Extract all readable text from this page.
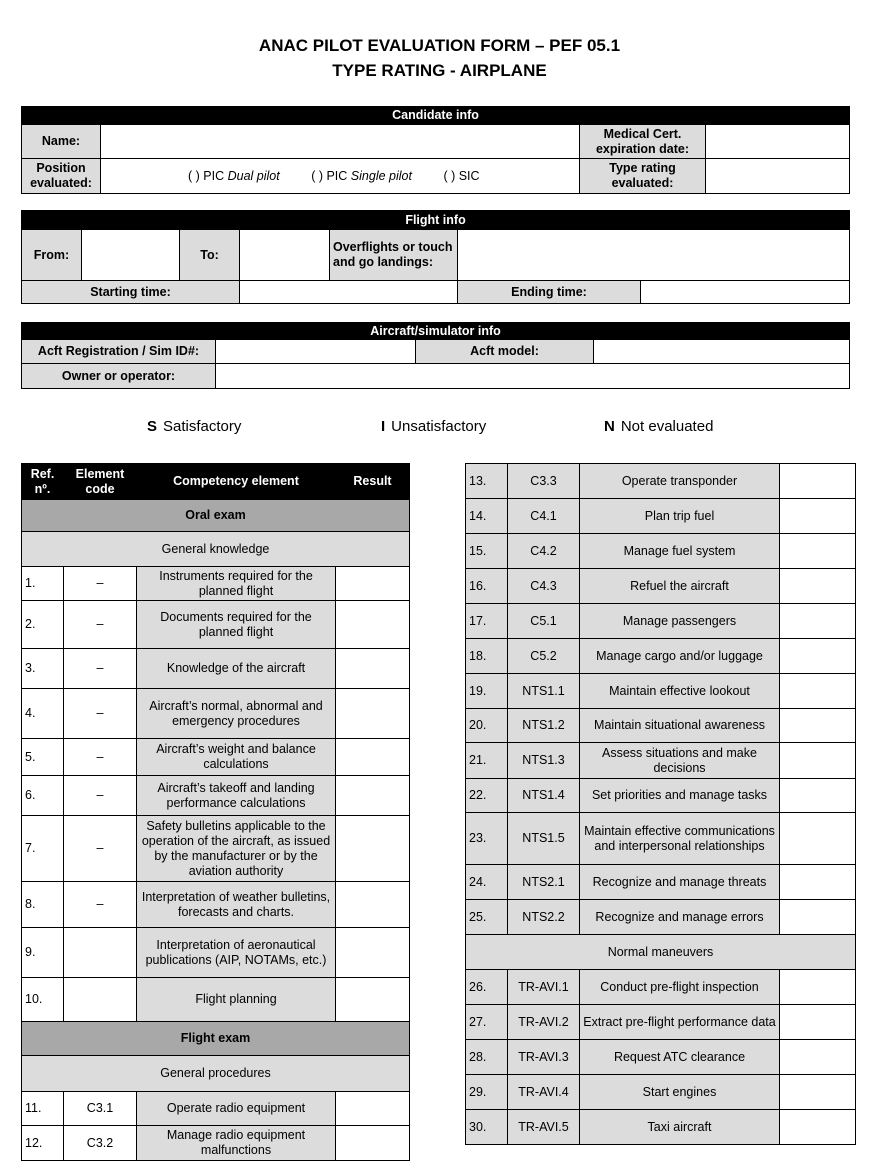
ANAC PILOT EVALUATION FORM – PEF 05.1
TYPE RATING - AIRPLANE
Candidate info			
Name:		Medical Cert. expiration date:	
Position evaluated:	( ) PIC Dual pilot ( ) PIC Single pilot ( ) SIC	Type rating evaluated:	
Flight info						
From:		To:		Overflights or touch and go landings:		
Starting time:					Ending time:	
Aircraft/simulator info			
Acft Registration / Sim ID#:		Acft model:	
Owner or operator:			
S Satisfactory	I Unsatisfactory	N Not evaluated
Ref. nº.	Element code	Competency element	Result
Oral exam			
General knowledge			
1.	–	Instruments required for the planned flight	
2.	–	Documents required for the planned flight	
3.	–	Knowledge of the aircraft	
4.	–	Aircraft’s normal, abnormal and emergency procedures	
5.	–	Aircraft’s weight and balance calculations	
6.	–	Aircraft’s takeoff and landing performance calculations	
7.	–	Safety bulletins applicable to the operation of the aircraft, as issued by the manufacturer or by the aviation authority	
8.	–	Interpretation of weather bulletins, forecasts and charts.	
9.		Interpretation of aeronautical publications (AIP, NOTAMs, etc.)	
10.		Flight planning	
Flight exam			
General procedures			
11.	C3.1	Operate radio equipment	
12.	C3.2	Manage radio equipment malfunctions	
13.	C3.3	Operate transponder	
14.	C4.1	Plan trip fuel	
15.	C4.2	Manage fuel system	
16.	C4.3	Refuel the aircraft	
17.	C5.1	Manage passengers	
18.	C5.2	Manage cargo and/or luggage	
19.	NTS1.1	Maintain effective lookout	
20.	NTS1.2	Maintain situational awareness	
21.	NTS1.3	Assess situations and make decisions	
22.	NTS1.4	Set priorities and manage tasks	
23.	NTS1.5	Maintain effective communications and interpersonal relationships	
24.	NTS2.1	Recognize and manage threats	
25.	NTS2.2	Recognize and manage errors	
Normal maneuvers			
26.	TR-AVI.1	Conduct pre-flight inspection	
27.	TR-AVI.2	Extract pre-flight performance data	
28.	TR-AVI.3	Request ATC clearance	
29.	TR-AVI.4	Start engines	
30.	TR-AVI.5	Taxi aircraft	
